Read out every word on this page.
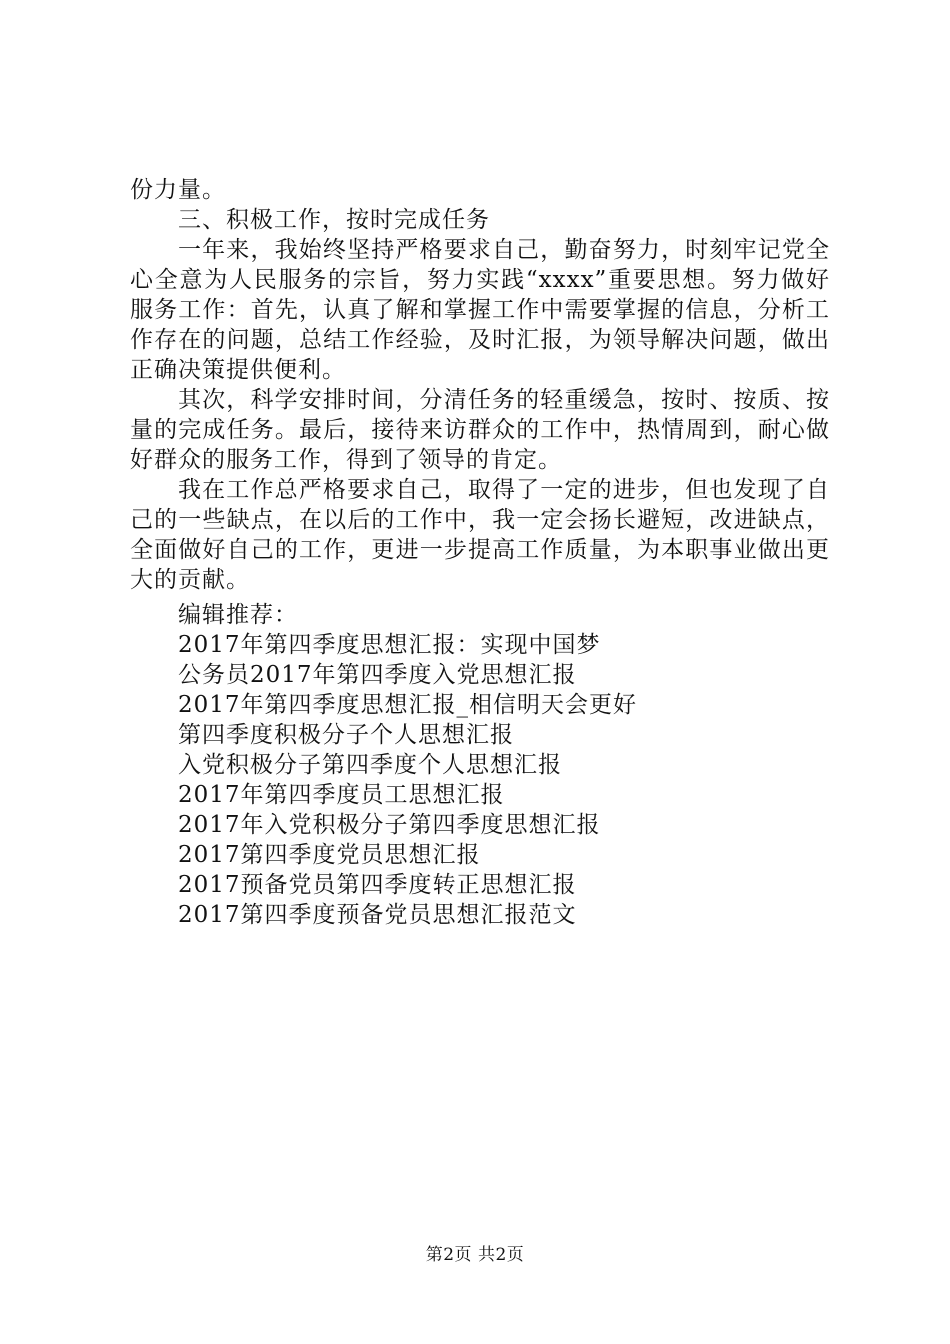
份力量。

三、积极工作，按时完成任务

一年来，我始终坚持严格要求自己，勤奋努力，时刻牢记党全心全意为人民服务的宗旨，努力实践“xxxx”重要思想。努力做好服务工作：首先，认真了解和掌握工作中需要掌握的信息，分析工作存在的问题，总结工作经验，及时汇报，为领导解决问题，做出正确决策提供便利。

其次，科学安排时间，分清任务的轻重缓急，按时、按质、按量的完成任务。最后，接待来访群众的工作中，热情周到，耐心做好群众的服务工作，得到了领导的肯定。

我在工作总严格要求自己，取得了一定的进步，但也发现了自己的一些缺点，在以后的工作中，我一定会扬长避短，改进缺点，全面做好自己的工作，更进一步提高工作质量，为本职事业做出更大的贡献。

编辑推荐：
2017年第四季度思想汇报：实现中国梦
公务员2017年第四季度入党思想汇报
2017年第四季度思想汇报_相信明天会更好
第四季度积极分子个人思想汇报
入党积极分子第四季度个人思想汇报
2017年第四季度员工思想汇报
2017年入党积极分子第四季度思想汇报
2017第四季度党员思想汇报
2017预备党员第四季度转正思想汇报
2017第四季度预备党员思想汇报范文
第2页 共2页
